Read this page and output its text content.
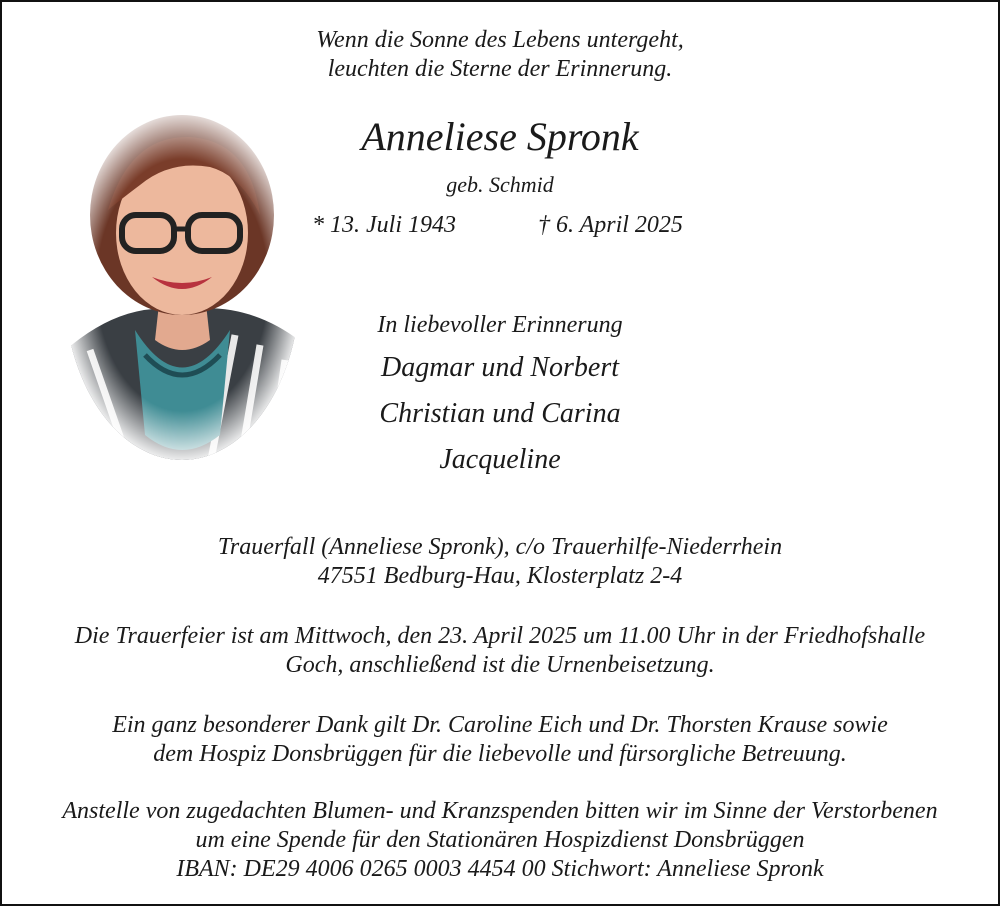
Wenn die Sonne des Lebens untergeht,
leuchten die Sterne der Erinnerung.
Anneliese Spronk
geb. Schmid
* 13. Juli 1943	† 6. April 2025
In liebevoller Erinnerung
Dagmar und Norbert
Christian und Carina
Jacqueline
Trauerfall (Anneliese Spronk), c/o Trauerhilfe-Niederrhein
47551 Bedburg-Hau, Klosterplatz 2-4
Die Trauerfeier ist am Mittwoch, den 23. April 2025 um 11.00 Uhr in der Friedhofshalle
Goch, anschließend ist die Urnenbeisetzung.
Ein ganz besonderer Dank gilt Dr. Caroline Eich und Dr. Thorsten Krause sowie
dem Hospiz Donsbrüggen für die liebevolle und fürsorgliche Betreuung.
Anstelle von zugedachten Blumen- und Kranzspenden bitten wir im Sinne der Verstorbenen
um eine Spende für den Stationären Hospizdienst Donsbrüggen
IBAN: DE29 4006 0265 0003 4454 00 Stichwort: Anneliese Spronk
